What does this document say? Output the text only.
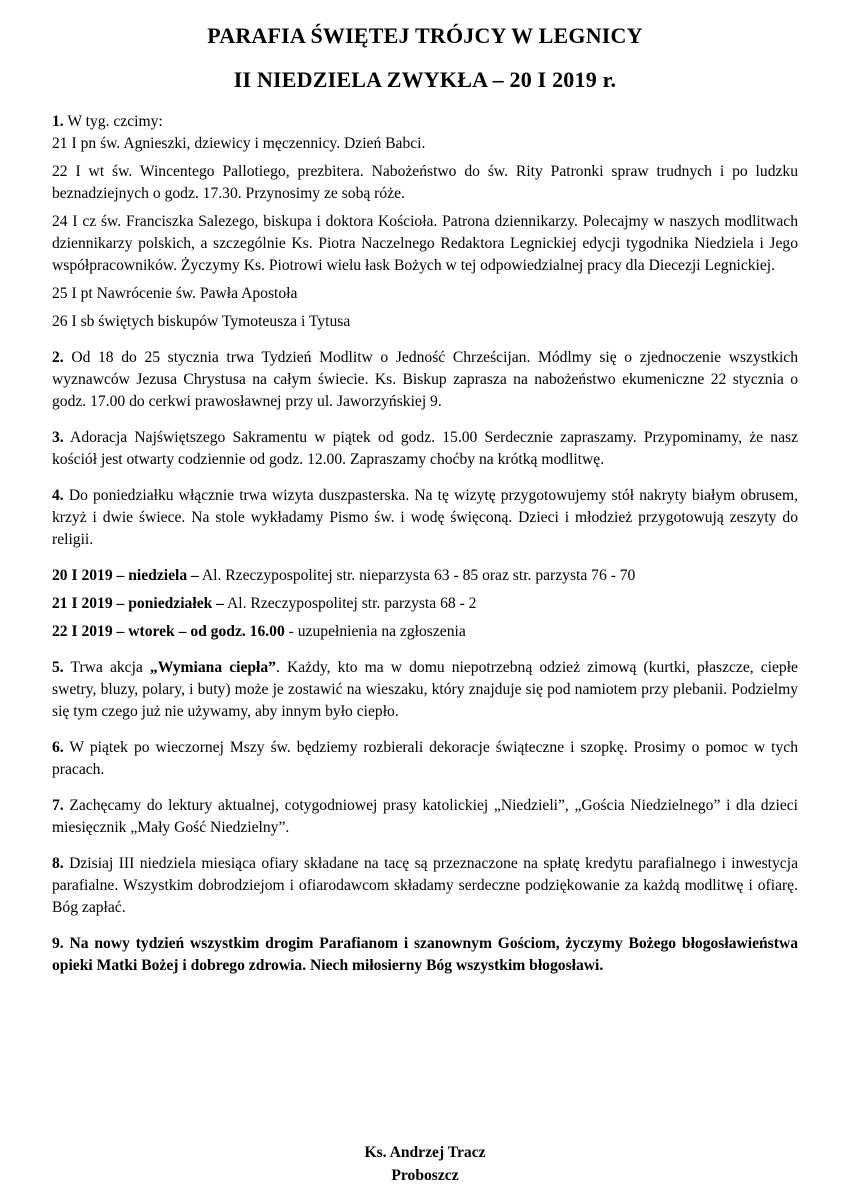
PARAFIA ŚWIĘTEJ TRÓJCY W LEGNICY
II NIEDZIELA ZWYKŁA – 20 I 2019 r.

1. W tyg. czcimy:

21 I pn św. Agnieszki, dziewicy i męczennicy. Dzień Babci.

22 I wt św. Wincentego Pallotiego, prezbitera. Nabożeństwo do św. Rity Patronki spraw trudnych i po ludzku beznadziejnych o godz. 17.30. Przynosimy ze sobą róże.

24 I cz św. Franciszka Salezego, biskupa i doktora Kościoła. Patrona dziennikarzy. Polecajmy w naszych modlitwach dziennikarzy polskich, a szczególnie Ks. Piotra Naczelnego Redaktora Legnickiej edycji tygodnika Niedziela i Jego współpracowników. Życzymy Ks. Piotrowi wielu łask Bożych w tej odpowiedzialnej pracy dla Diecezji Legnickiej.

25 I pt Nawrócenie św. Pawła Apostoła

26 I sb świętych biskupów Tymoteusza i Tytusa

2. Od 18 do 25 stycznia trwa Tydzień Modlitw o Jedność Chrześcijan. Módlmy się o zjednoczenie wszystkich wyznawców Jezusa Chrystusa na całym świecie. Ks. Biskup zaprasza na nabożeństwo ekumeniczne 22 stycznia o godz. 17.00 do cerkwi prawosławnej przy ul. Jaworzyńskiej 9.

3. Adoracja Najświętszego Sakramentu w piątek od godz. 15.00 Serdecznie zapraszamy. Przypominamy, że nasz kościół jest otwarty codziennie od godz. 12.00. Zapraszamy choćby na krótką modlitwę.

4. Do poniedziałku włącznie trwa wizyta duszpasterska. Na tę wizytę przygotowujemy stół nakryty białym obrusem, krzyż i dwie świece. Na stole wykładamy Pismo św. i wodę święconą. Dzieci i młodzież przygotowują zeszyty do religii.

20 I 2019 – niedziela – Al. Rzeczypospolitej str. nieparzysta 63 - 85 oraz str. parzysta 76 - 70

21 I 2019 – poniedziałek – Al. Rzeczypospolitej str. parzysta 68 - 2

22 I 2019 – wtorek – od godz. 16.00 - uzupełnienia na zgłoszenia

5. Trwa akcja „Wymiana ciepła”. Każdy, kto ma w domu niepotrzebną odzież zimową (kurtki, płaszcze, ciepłe swetry, bluzy, polary, i buty) może je zostawić na wieszaku, który znajduje się pod namiotem przy plebanii. Podzielmy się tym czego już nie używamy, aby innym było ciepło.

6. W piątek po wieczornej Mszy św. będziemy rozbierali dekoracje świąteczne i szopkę. Prosimy o pomoc w tych pracach.

7. Zachęcamy do lektury aktualnej, cotygodniowej prasy katolickiej „Niedzieli”, „Gościa Niedzielnego” i dla dzieci miesięcznik „Mały Gość Niedzielny”.

8. Dzisiaj III niedziela miesiąca ofiary składane na tacę są przeznaczone na spłatę kredytu parafialnego i inwestycja parafialne. Wszystkim dobrodziejom i ofiarodawcom składamy serdeczne podziękowanie za każdą modlitwę i ofiarę. Bóg zapłać.

9. Na nowy tydzień wszystkim drogim Parafianom i szanownym Gościom, życzymy Bożego błogosławieństwa opieki Matki Bożej i dobrego zdrowia. Niech miłosierny Bóg wszystkim błogosławi.

Ks. Andrzej Tracz
Proboszcz
